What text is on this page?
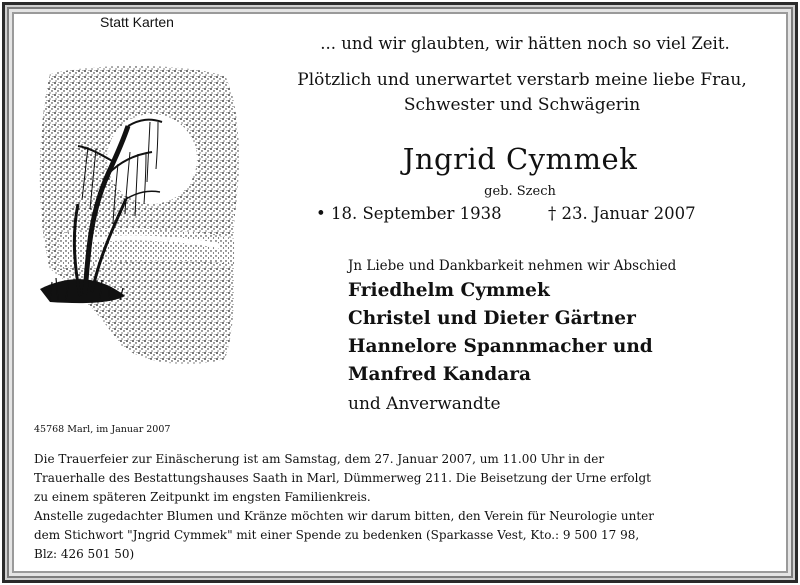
Statt Karten
... und wir glaubten, wir hätten noch so viel Zeit.
Plötzlich und unerwartet verstarb meine liebe Frau,
Schwester und Schwägerin
Jngrid Cymmek
geb. Szech
• 18. September 1938	† 23. Januar 2007
Jn Liebe und Dankbarkeit nehmen wir Abschied
Friedhelm Cymmek
Christel und Dieter Gärtner
Hannelore Spannmacher und
Manfred Kandara
und Anverwandte
45768 Marl, im Januar 2007
Die Trauerfeier zur Einäscherung ist am Samstag, dem 27. Januar 2007, um 11.00 Uhr in der
Trauerhalle des Bestattungshauses Saath in Marl, Dümmerweg 211. Die Beisetzung der Urne erfolgt
zu einem späteren Zeitpunkt im engsten Familienkreis.
Anstelle zugedachter Blumen und Kränze möchten wir darum bitten, den Verein für Neurologie unter
dem Stichwort "Jngrid Cymmek" mit einer Spende zu bedenken (Sparkasse Vest, Kto.: 9 500 17 98,
Blz: 426 501 50)
